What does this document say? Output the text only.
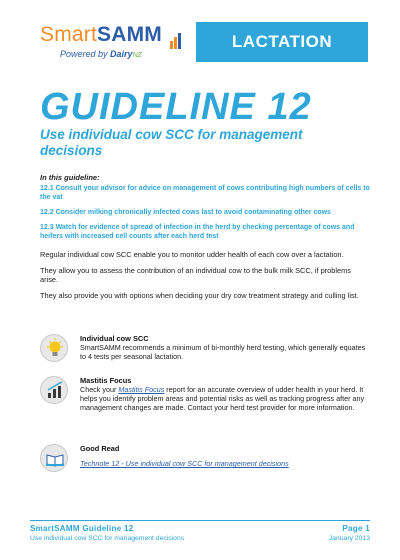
SmartSAMM
Powered by DairyNZ
LACTATION
GUIDELINE 12
Use individual cow SCC for management decisions
In this guideline:
12.1 Consult your advisor for advice on management of cows contributing high numbers of cells to the vat
12.2 Consider milking chronically infected cows last to avoid contaminating other cows
12.3 Watch for evidence of spread of infection in the herd by checking percentage of cows and heifers with increased cell counts after each herd test

Regular individual cow SCC enable you to monitor udder health of each cow over a lactation.

They allow you to assess the contribution of an individual cow to the bulk milk SCC, if problems arise.

They also provide you with options when deciding your dry cow treatment strategy and culling list.

Individual cow SCC
SmartSAMM recommends a minimum of bi-monthly herd testing, which generally equates to 4 tests per seasonal lactation.
Mastitis Focus
Check your Mastitis Focus report for an accurate overview of udder health in your herd. It helps you identify problem areas and potential risks as well as tracking progress after any management changes are made. Contact your herd test provider for more information.
Good Read
Technote 12 - Use individual cow SCC for management decisions
SmartSAMM Guideline 12
Use individual cow SCC for management decisions
Page 1
January 2013
